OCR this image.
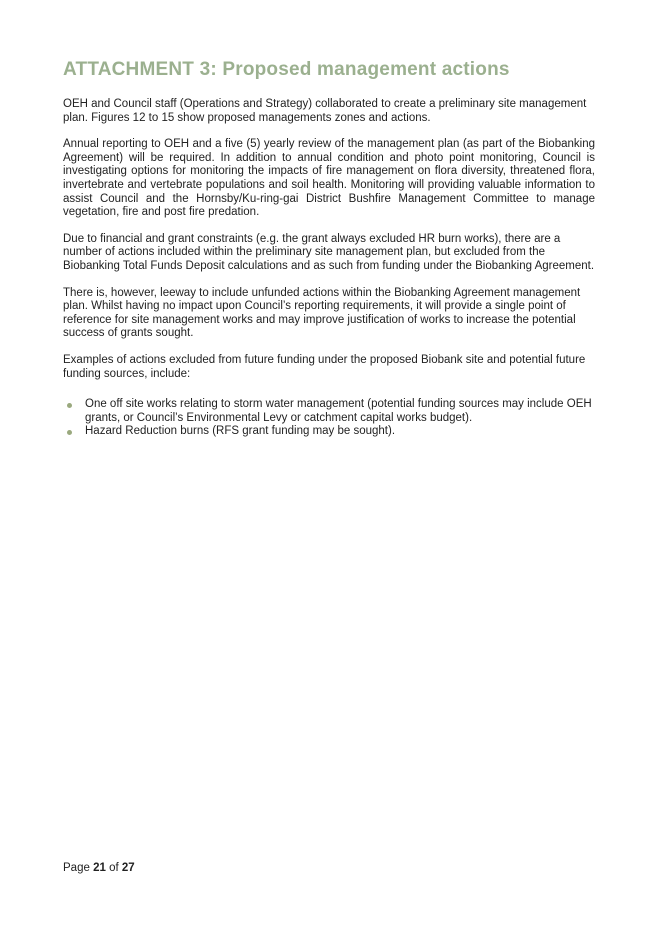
ATTACHMENT 3: Proposed management actions

OEH and Council staff (Operations and Strategy) collaborated to create a preliminary site management plan. Figures 12 to 15 show proposed managements zones and actions.

Annual reporting to OEH and a five (5) yearly review of the management plan (as part of the Biobanking Agreement) will be required. In addition to annual condition and photo point monitoring, Council is investigating options for monitoring the impacts of fire management on flora diversity, threatened flora, invertebrate and vertebrate populations and soil health. Monitoring will providing valuable information to assist Council and the Hornsby/Ku-ring-gai District Bushfire Management Committee to manage vegetation, fire and post fire predation.

Due to financial and grant constraints (e.g. the grant always excluded HR burn works), there are a number of actions included within the preliminary site management plan, but excluded from the Biobanking Total Funds Deposit calculations and as such from funding under the Biobanking Agreement.

There is, however, leeway to include unfunded actions within the Biobanking Agreement management plan. Whilst having no impact upon Council’s reporting requirements, it will provide a single point of reference for site management works and may improve justification of works to increase the potential success of grants sought.

Examples of actions excluded from future funding under the proposed Biobank site and potential future funding sources, include:

One off site works relating to storm water management (potential funding sources may include OEH grants, or Council’s Environmental Levy or catchment capital works budget).
Hazard Reduction burns (RFS grant funding may be sought).
Page 21 of 27
